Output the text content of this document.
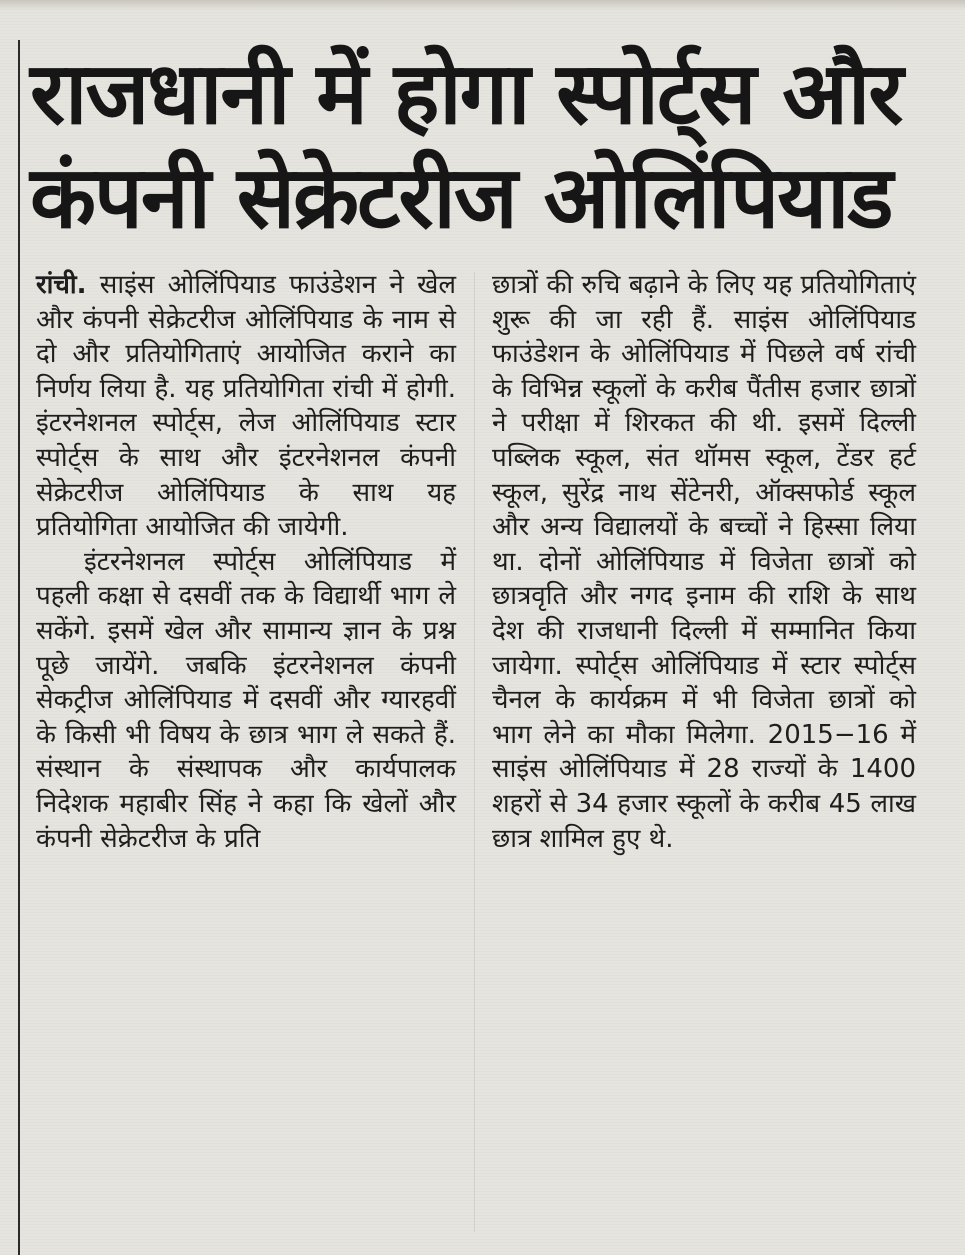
राजधानी में होगा स्पोर्ट्स और
कंपनी सेक्रेटरीज ओलिंपियाड

रांची. साइंस ओलिंपियाड फाउंडेशन ने खेल और कंपनी सेक्रेटरीज ओलिंपियाड के नाम से दो और प्रतियोगिताएं आयोजित कराने का निर्णय लिया है. यह प्रतियोगिता रांची में होगी. इंटरनेशनल स्पोर्ट्स, लेज ओलिंपियाड स्टार स्पोर्ट्स के साथ और इंटरनेशनल कंपनी सेक्रेटरीज ओलिंपियाड के साथ यह प्रतियोगिता आयोजित की जायेगी.

इंटरनेशनल स्पोर्ट्स ओलिंपियाड में पहली कक्षा से दसवीं तक के विद्यार्थी भाग ले सकेंगे. इसमें खेल और सामान्य ज्ञान के प्रश्न पूछे जायेंगे. जबकि इंटरनेशनल कंपनी सेकट्रीज ओलिंपियाड में दसवीं और ग्यारहवीं के किसी भी विषय के छात्र भाग ले सकते हैं. संस्थान के संस्थापक और कार्यपालक निदेशक महाबीर सिंह ने कहा कि खेलों और कंपनी सेक्रेटरीज के प्रति

छात्रों की रुचि बढ़ाने के लिए यह प्रतियोगिताएं शुरू की जा रही हैं. साइंस ओलिंपियाड फाउंडेशन के ओलिंपियाड में पिछले वर्ष रांची के विभिन्न स्कूलों के करीब पैंतीस हजार छात्रों ने परीक्षा में शिरकत की थी. इसमें दिल्ली पब्लिक स्कूल, संत थॉमस स्कूल, टेंडर हर्ट स्कूल, सुरेंद्र नाथ सेंटेनरी, ऑक्सफोर्ड स्कूल और अन्य विद्यालयों के बच्चों ने हिस्सा लिया था. दोनों ओलिंपियाड में विजेता छात्रों को छात्रवृति और नगद इनाम की राशि के साथ देश की राजधानी दिल्ली में सम्मानित किया जायेगा. स्पोर्ट्स ओलिंपियाड में स्टार स्पोर्ट्स चैनल के कार्यक्रम में भी विजेता छात्रों को भाग लेने का मौका मिलेगा. 2015−16 में साइंस ओलिंपियाड में 28 राज्यों के 1400 शहरों से 34 हजार स्कूलों के करीब 45 लाख छात्र शामिल हुए थे.
